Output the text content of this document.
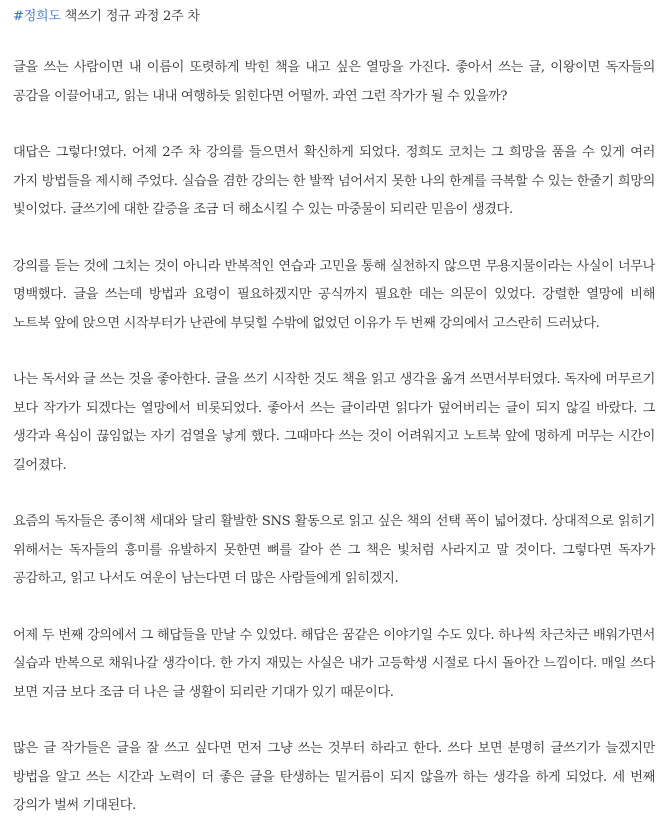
#정희도 책쓰기 정규 과정 2주 차

글을 쓰는 사람이면 내 이름이 또렷하게 박힌 책을 내고 싶은 열망을 가진다. 좋아서 쓰는 글, 이왕이면 독자들의 공감을 이끌어내고, 읽는 내내 여행하듯 읽힌다면 어떨까. 과연 그런 작가가 될 수 있을까?

대답은 그렇다!였다. 어제 2주 차 강의를 들으면서 확신하게 되었다. 정희도 코치는 그 희망을 품을 수 있게 여러 가지 방법들을 제시해 주었다. 실습을 겸한 강의는 한 발짝 넘어서지 못한 나의 한계를 극복할 수 있는 한줄기 희망의 빛이었다. 글쓰기에 대한 갈증을 조금 더 해소시킬 수 있는 마중물이 되리란 믿음이 생겼다.

강의를 듣는 것에 그치는 것이 아니라 반복적인 연습과 고민을 통해 실천하지 않으면 무용지물이라는 사실이 너무나 명백했다. 글을 쓰는데 방법과 요령이 필요하겠지만 공식까지 필요한 데는 의문이 있었다. 강렬한 열망에 비해 노트북 앞에 앉으면 시작부터가 난관에 부딪힐 수밖에 없었던 이유가 두 번째 강의에서 고스란히 드러났다.

나는 독서와 글 쓰는 것을 좋아한다. 글을 쓰기 시작한 것도 책을 읽고 생각을 옮겨 쓰면서부터였다. 독자에 머무르기 보다 작가가 되겠다는 열망에서 비롯되었다. 좋아서 쓰는 글이라면 읽다가 덮어버리는 글이 되지 않길 바랐다. 그 생각과 욕심이 끊임없는 자기 검열을 낳게 했다. 그때마다 쓰는 것이 어려워지고 노트북 앞에 멍하게 머무는 시간이 길어졌다.

요즘의 독자들은 종이책 세대와 달리 활발한 SNS 활동으로 읽고 싶은 책의 선택 폭이 넓어졌다. 상대적으로 읽히기 위해서는 독자들의 흥미를 유발하지 못한면 뼈를 갈아 쓴 그 책은 빛처럼 사라지고 말 것이다. 그렇다면 독자가 공감하고, 읽고 나서도 여운이 남는다면 더 많은 사람들에게 읽히겠지.

어제 두 번째 강의에서 그 해답들을 만날 수 있었다. 해답은 꿈같은 이야기일 수도 있다. 하나씩 차근차근 배워가면서 실습과 반복으로 채워나갈 생각이다. 한 가지 재밌는 사실은 내가 고등학생 시절로 다시 돌아간 느낌이다. 매일 쓰다 보면 지금 보다 조금 더 나은 글 생활이 되리란 기대가 있기 때문이다.

많은 글 작가들은 글을 잘 쓰고 싶다면 먼저 그냥 쓰는 것부터 하라고 한다. 쓰다 보면 분명히 글쓰기가 늘겠지만 방법을 알고 쓰는 시간과 노력이 더 좋은 글을 탄생하는 밑거름이 되지 않을까 하는 생각을 하게 되었다. 세 번째 강의가 벌써 기대된다.
